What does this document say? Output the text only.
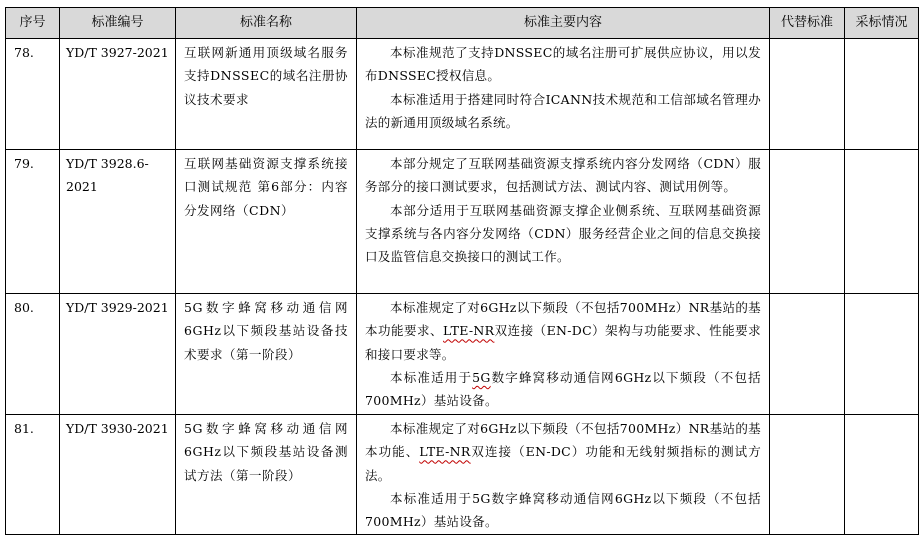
序号	标准编号	标准名称	标准主要内容	代替标准	采标情况
78.	YD/T 3927-2021	互联网新通用顶级域名服务 支持DNSSEC的域名注册协议技术要求	本标准规范了支持DNSSEC的域名注册可扩展供应协议，用以发布DNSSEC授权信息。

本标准适用于搭建同时符合ICANN技术规范和工信部域名管理办法的新通用顶级域名系统。		

79.	YD/T 3928.6-2021	互联网基础资源支撑系统接口测试规范 第6部分：内容分发网络（CDN）	本部分规定了互联网基础资源支撑系统内容分发网络（CDN）服务部分的接口测试要求，包括测试方法、测试内容、测试用例等。

本部分适用于互联网基础资源支撑企业侧系统、互联网基础资源支撑系统与各内容分发网络（CDN）服务经营企业之间的信息交换接口及监管信息交换接口的测试工作。		

80.	YD/T 3929-2021	5G数字蜂窝移动通信网6GHz以下频段基站设备技术要求（第一阶段）	本标准规定了对6GHz以下频段（不包括700MHz）NR基站的基本功能要求、LTE-NR双连接（EN-DC）架构与功能要求、性能要求和接口要求等。

本标准适用于5G数字蜂窝移动通信网6GHz以下频段（不包括700MHz）基站设备。		

81.	YD/T 3930-2021	5G数字蜂窝移动通信网6GHz以下频段基站设备测试方法（第一阶段）	本标准规定了对6GHz以下频段（不包括700MHz）NR基站的基本功能、LTE-NR双连接（EN-DC）功能和无线射频指标的测试方法。

本标准适用于5G数字蜂窝移动通信网6GHz以下频段（不包括700MHz）基站设备。		
